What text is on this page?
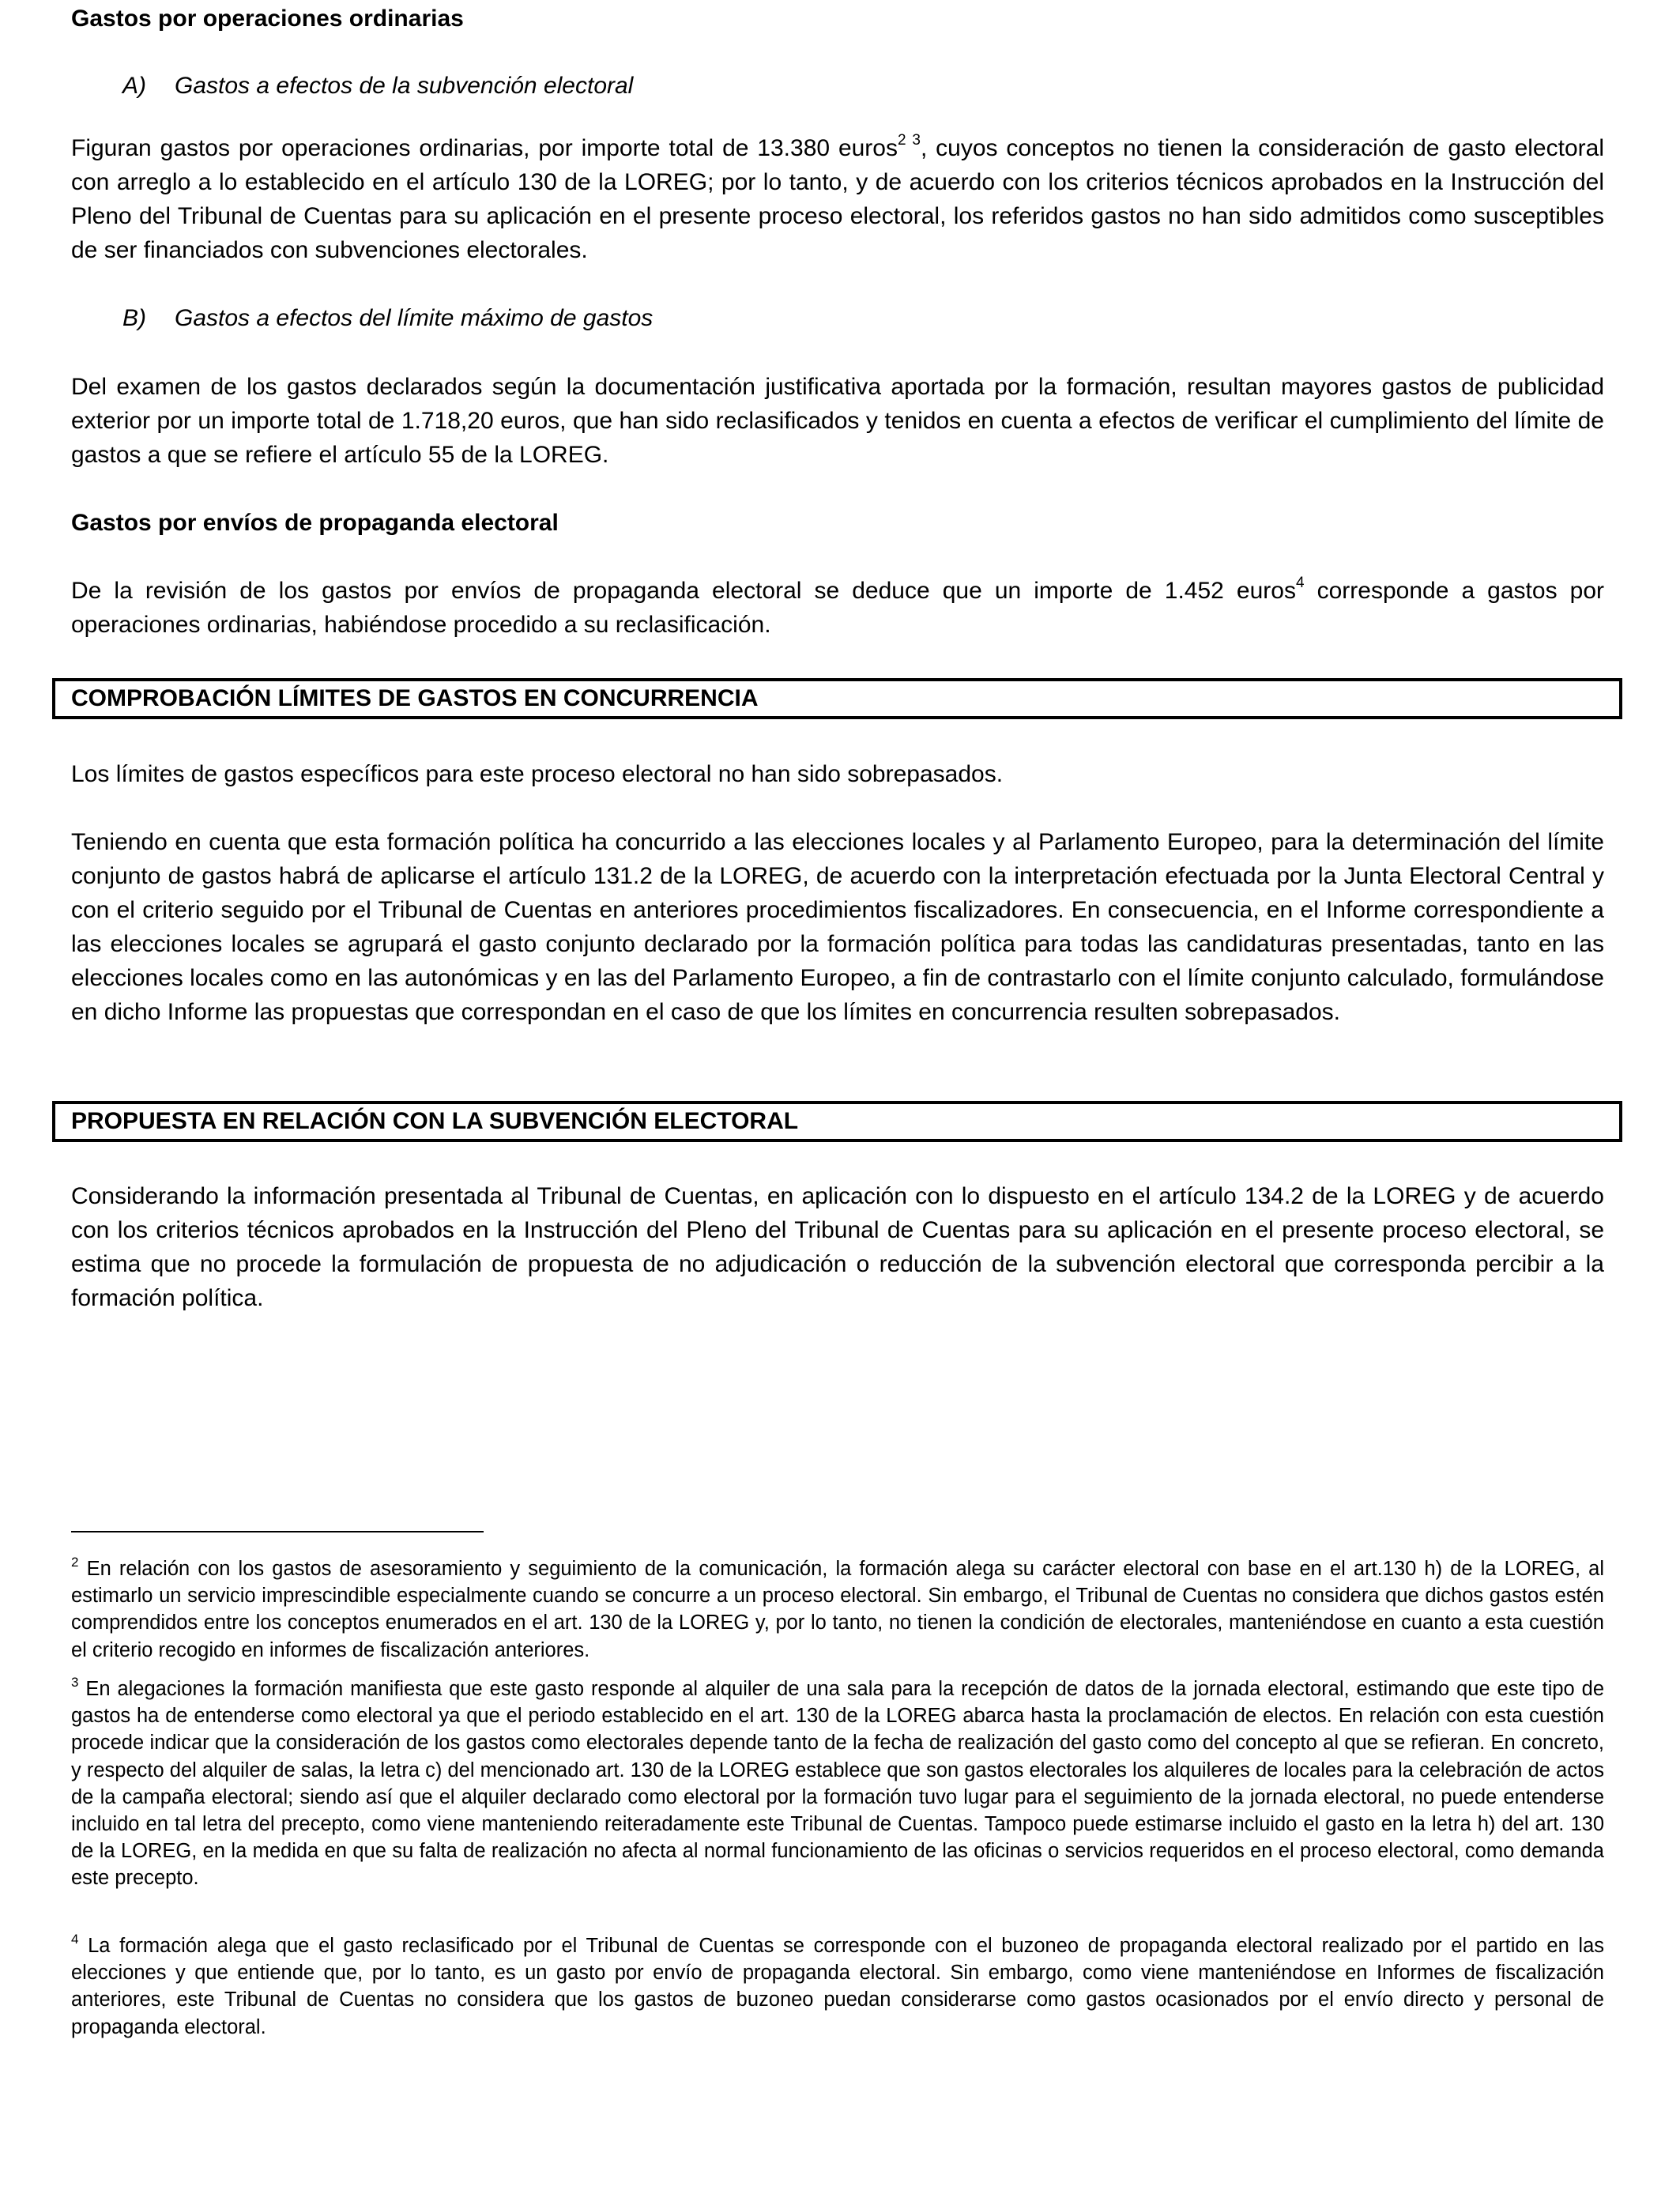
Gastos por operaciones ordinarias

A) Gastos a efectos de la subvención electoral

Figuran gastos por operaciones ordinarias, por importe total de 13.380 euros$^{2 3}$, cuyos conceptos no tienen la consideración de gasto electoral con arreglo a lo establecido en el artículo 130 de la LOREG; por lo tanto, y de acuerdo con los criterios técnicos aprobados en la Instrucción del Pleno del Tribunal de Cuentas para su aplicación en el presente proceso electoral, los referidos gastos no han sido admitidos como susceptibles de ser financiados con subvenciones electorales.

B) Gastos a efectos del límite máximo de gastos

Del examen de los gastos declarados según la documentación justificativa aportada por la formación, resultan mayores gastos de publicidad exterior por un importe total de 1.718,20 euros, que han sido reclasificados y tenidos en cuenta a efectos de verificar el cumplimiento del límite de gastos a que se refiere el artículo 55 de la LOREG.

Gastos por envíos de propaganda electoral

De la revisión de los gastos por envíos de propaganda electoral se deduce que un importe de 1.452 euros$^4$ corresponde a gastos por operaciones ordinarias, habiéndose procedido a su reclasificación.

COMPROBACIÓN LÍMITES DE GASTOS EN CONCURRENCIA

Los límites de gastos específicos para este proceso electoral no han sido sobrepasados.

Teniendo en cuenta que esta formación política ha concurrido a las elecciones locales y al Parlamento Europeo, para la determinación del límite conjunto de gastos habrá de aplicarse el artículo 131.2 de la LOREG, de acuerdo con la interpretación efectuada por la Junta Electoral Central y con el criterio seguido por el Tribunal de Cuentas en anteriores procedimientos fiscalizadores. En consecuencia, en el Informe correspondiente a las elecciones locales se agrupará el gasto conjunto declarado por la formación política para todas las candidaturas presentadas, tanto en las elecciones locales como en las autonómicas y en las del Parlamento Europeo, a fin de contrastarlo con el límite conjunto calculado, formulándose en dicho Informe las propuestas que correspondan en el caso de que los límites en concurrencia resulten sobrepasados.

PROPUESTA EN RELACIÓN CON LA SUBVENCIÓN ELECTORAL

Considerando la información presentada al Tribunal de Cuentas, en aplicación con lo dispuesto en el artículo 134.2 de la LOREG y de acuerdo con los criterios técnicos aprobados en la Instrucción del Pleno del Tribunal de Cuentas para su aplicación en el presente proceso electoral, se estima que no procede la formulación de propuesta de no adjudicación o reducción de la subvención electoral que corresponda percibir a la formación política.

$^2$ En relación con los gastos de asesoramiento y seguimiento de la comunicación, la formación alega su carácter electoral con base en el art.130 h) de la LOREG, al estimarlo un servicio imprescindible especialmente cuando se concurre a un proceso electoral. Sin embargo, el Tribunal de Cuentas no considera que dichos gastos estén comprendidos entre los conceptos enumerados en el art. 130 de la LOREG y, por lo tanto, no tienen la condición de electorales, manteniéndose en cuanto a esta cuestión el criterio recogido en informes de fiscalización anteriores.

$^3$ En alegaciones la formación manifiesta que este gasto responde al alquiler de una sala para la recepción de datos de la jornada electoral, estimando que este tipo de gastos ha de entenderse como electoral ya que el periodo establecido en el art. 130 de la LOREG abarca hasta la proclamación de electos. En relación con esta cuestión procede indicar que la consideración de los gastos como electorales depende tanto de la fecha de realización del gasto como del concepto al que se refieran. En concreto, y respecto del alquiler de salas, la letra c) del mencionado art. 130 de la LOREG establece que son gastos electorales los alquileres de locales para la celebración de actos de la campaña electoral; siendo así que el alquiler declarado como electoral por la formación tuvo lugar para el seguimiento de la jornada electoral, no puede entenderse incluido en tal letra del precepto, como viene manteniendo reiteradamente este Tribunal de Cuentas. Tampoco puede estimarse incluido el gasto en la letra h) del art. 130 de la LOREG, en la medida en que su falta de realización no afecta al normal funcionamiento de las oficinas o servicios requeridos en el proceso electoral, como demanda este precepto.

$^4$ La formación alega que el gasto reclasificado por el Tribunal de Cuentas se corresponde con el buzoneo de propaganda electoral realizado por el partido en las elecciones y que entiende que, por lo tanto, es un gasto por envío de propaganda electoral. Sin embargo, como viene manteniéndose en Informes de fiscalización anteriores, este Tribunal de Cuentas no considera que los gastos de buzoneo puedan considerarse como gastos ocasionados por el envío directo y personal de propaganda electoral.
